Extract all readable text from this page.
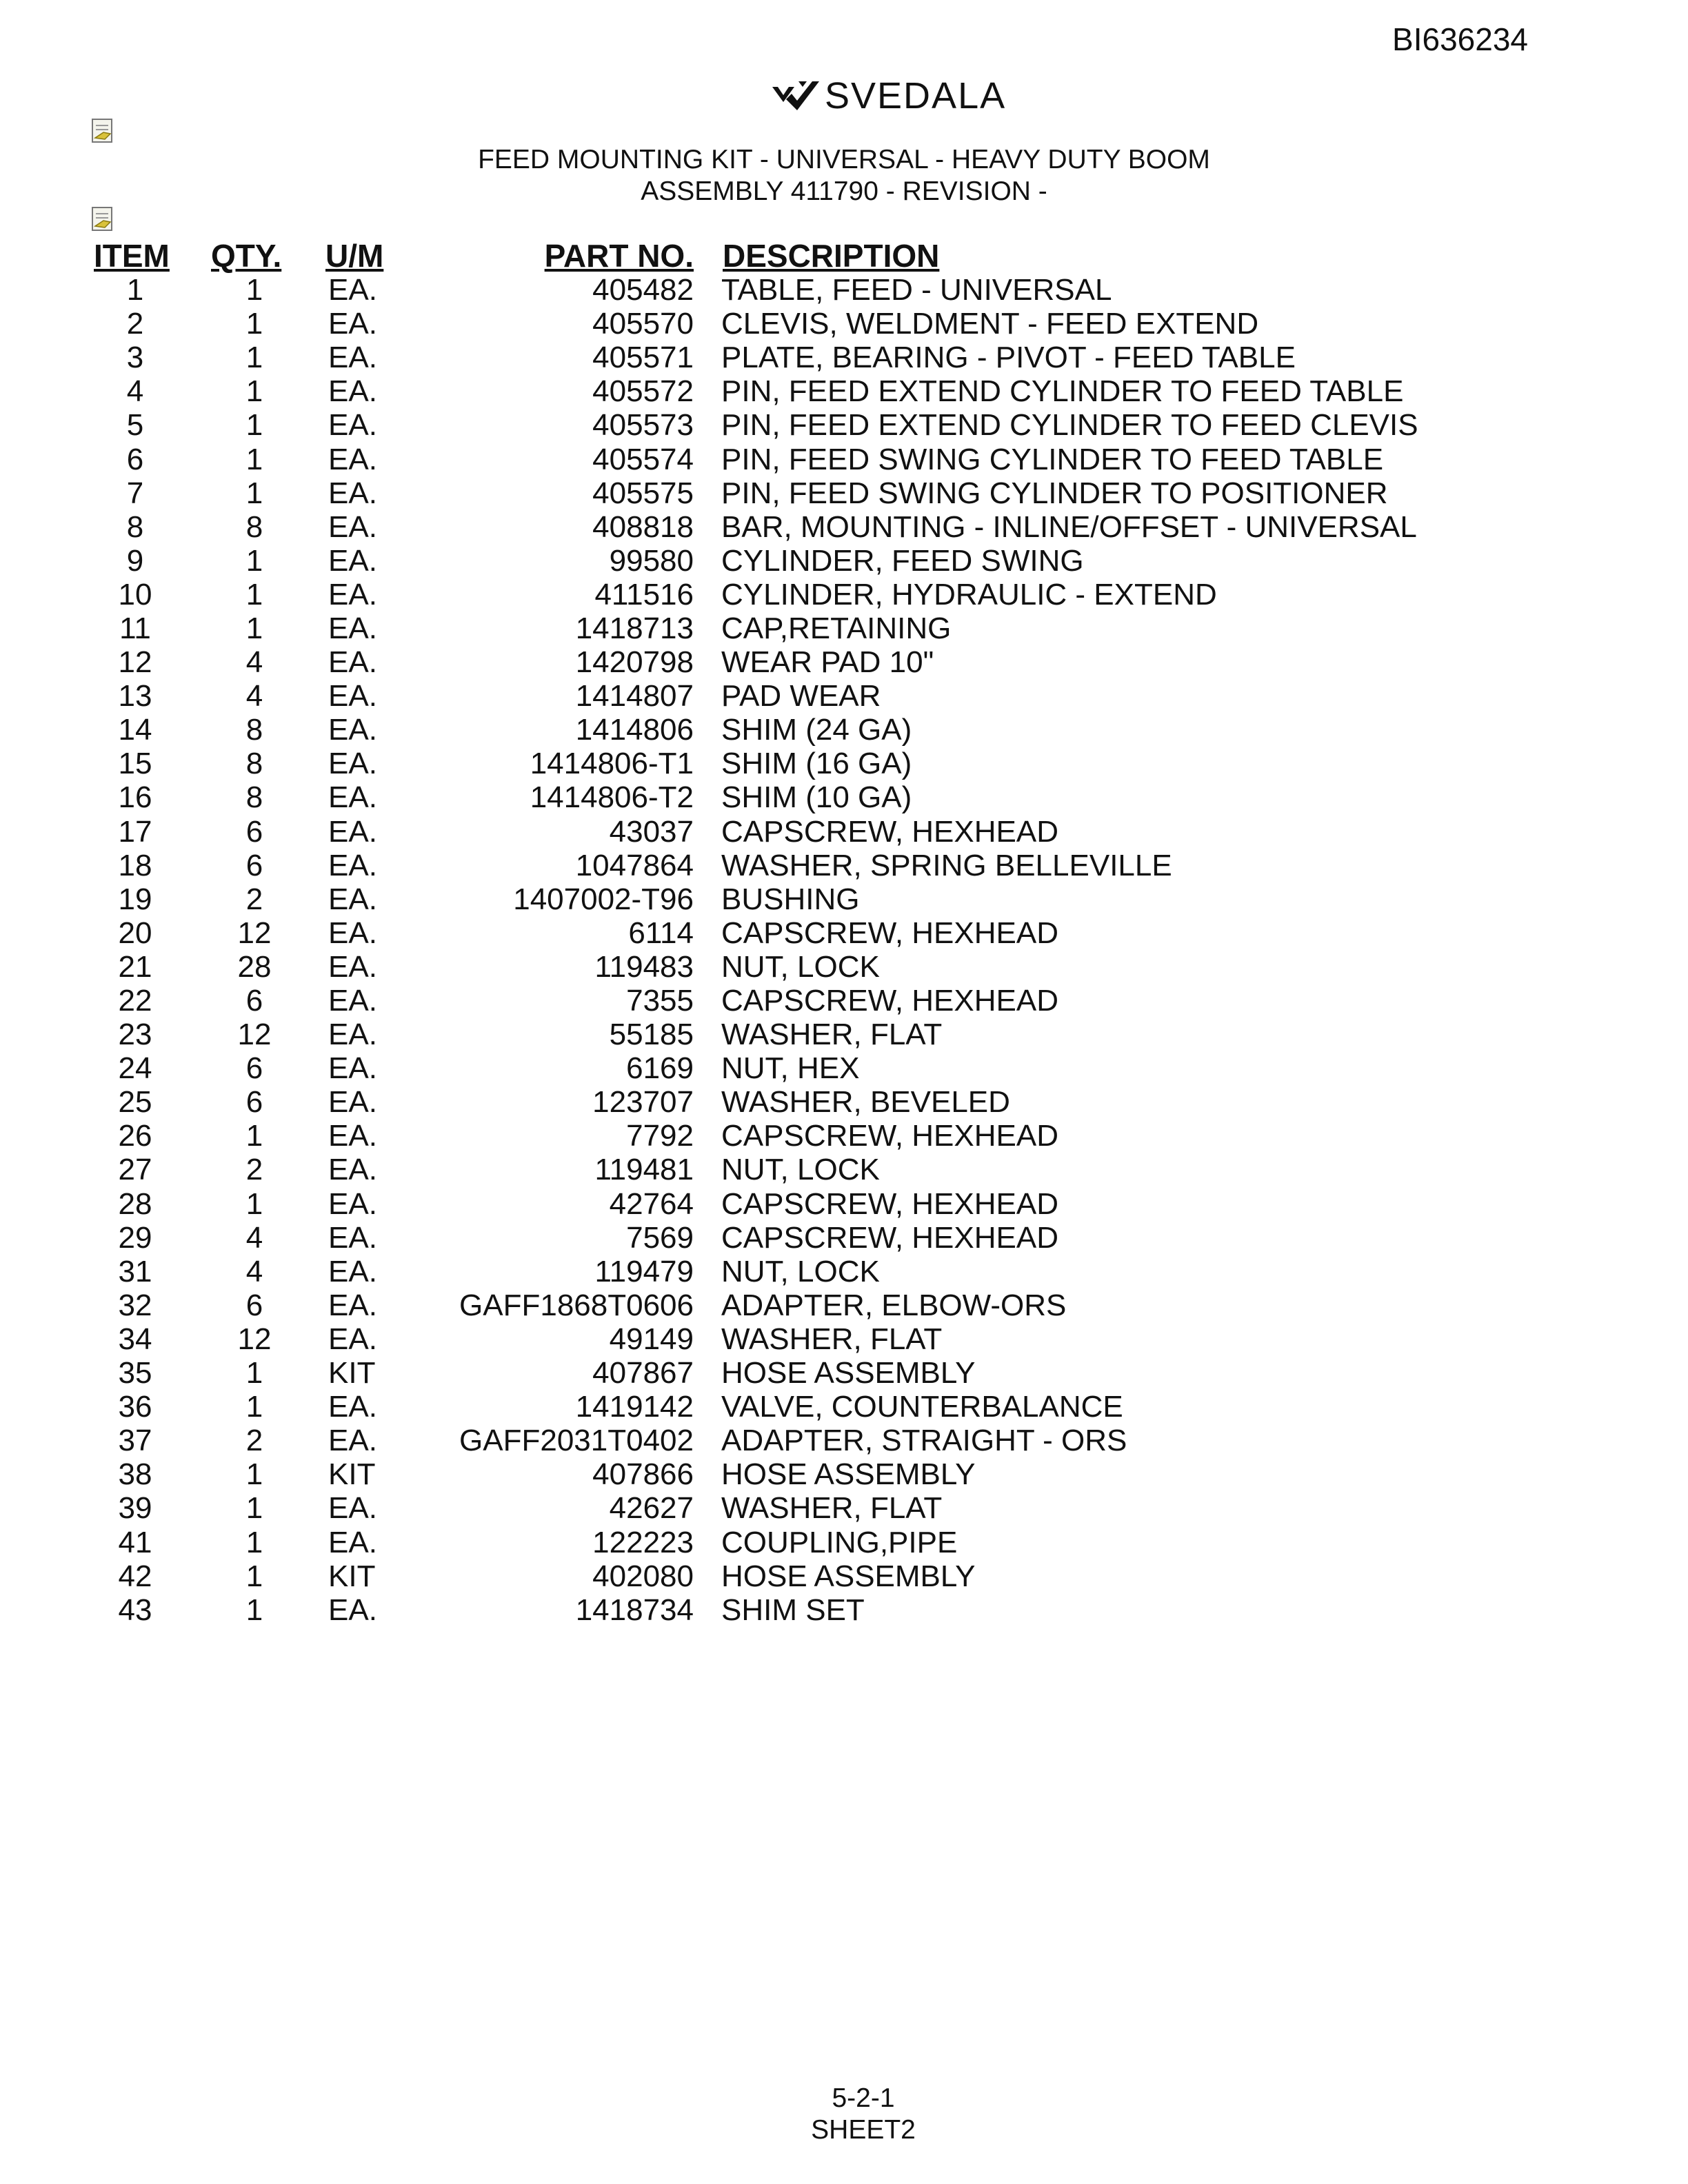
BI636234
SVEDALA
FEED MOUNTING KIT - UNIVERSAL - HEAVY DUTY BOOM
ASSEMBLY 411790 - REVISION -
ITEM	QTY.	U/M	PART NO.	DESCRIPTION
1	1	EA.	405482	TABLE, FEED - UNIVERSAL
2	1	EA.	405570	CLEVIS, WELDMENT - FEED EXTEND
3	1	EA.	405571	PLATE, BEARING - PIVOT - FEED TABLE
4	1	EA.	405572	PIN, FEED EXTEND CYLINDER TO FEED TABLE
5	1	EA.	405573	PIN, FEED EXTEND CYLINDER TO FEED CLEVIS
6	1	EA.	405574	PIN, FEED SWING CYLINDER TO FEED TABLE
7	1	EA.	405575	PIN, FEED SWING CYLINDER TO POSITIONER
8	8	EA.	408818	BAR, MOUNTING - INLINE/OFFSET - UNIVERSAL
9	1	EA.	99580	CYLINDER, FEED SWING
10	1	EA.	411516	CYLINDER, HYDRAULIC - EXTEND
11	1	EA.	1418713	CAP,RETAINING
12	4	EA.	1420798	WEAR PAD 10"
13	4	EA.	1414807	PAD WEAR
14	8	EA.	1414806	SHIM (24 GA)
15	8	EA.	1414806-T1	SHIM (16 GA)
16	8	EA.	1414806-T2	SHIM (10 GA)
17	6	EA.	43037	CAPSCREW, HEXHEAD
18	6	EA.	1047864	WASHER, SPRING BELLEVILLE
19	2	EA.	1407002-T96	BUSHING
20	12	EA.	6114	CAPSCREW, HEXHEAD
21	28	EA.	119483	NUT, LOCK
22	6	EA.	7355	CAPSCREW, HEXHEAD
23	12	EA.	55185	WASHER, FLAT
24	6	EA.	6169	NUT, HEX
25	6	EA.	123707	WASHER, BEVELED
26	1	EA.	7792	CAPSCREW, HEXHEAD
27	2	EA.	119481	NUT, LOCK
28	1	EA.	42764	CAPSCREW, HEXHEAD
29	4	EA.	7569	CAPSCREW, HEXHEAD
31	4	EA.	119479	NUT, LOCK
32	6	EA.	GAFF1868T0606	ADAPTER, ELBOW-ORS
34	12	EA.	49149	WASHER, FLAT
35	1	KIT	407867	HOSE ASSEMBLY
36	1	EA.	1419142	VALVE, COUNTERBALANCE
37	2	EA.	GAFF2031T0402	ADAPTER, STRAIGHT - ORS
38	1	KIT	407866	HOSE ASSEMBLY
39	1	EA.	42627	WASHER, FLAT
41	1	EA.	122223	COUPLING,PIPE
42	1	KIT	402080	HOSE ASSEMBLY
43	1	EA.	1418734	SHIM SET
5-2-1
SHEET2
